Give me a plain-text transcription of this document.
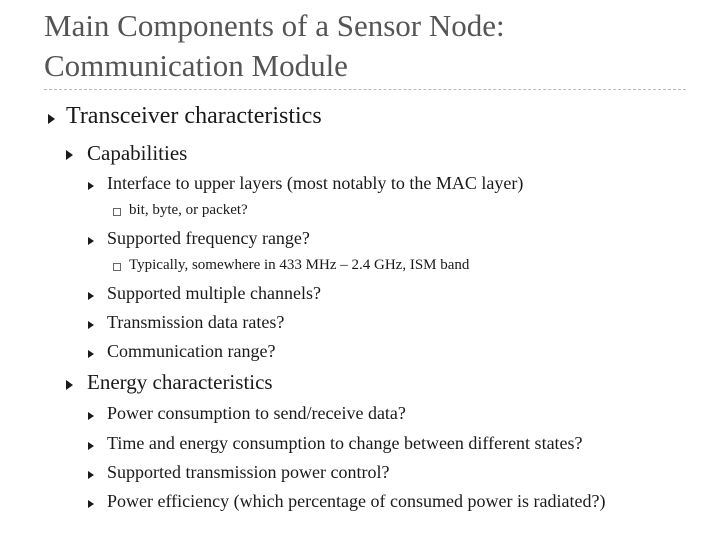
Main Components of a Sensor Node:
Communication Module
Transceiver characteristics
Capabilities
Interface to upper layers (most notably to the MAC layer)
bit, byte, or packet?
Supported frequency range?
Typically, somewhere in 433 MHz – 2.4 GHz, ISM band
Supported multiple channels?
Transmission data rates?
Communication range?
Energy characteristics
Power consumption to send/receive data?
Time and energy consumption to change between different states?
Supported transmission power control?
Power efficiency (which percentage of consumed power is radiated?)
